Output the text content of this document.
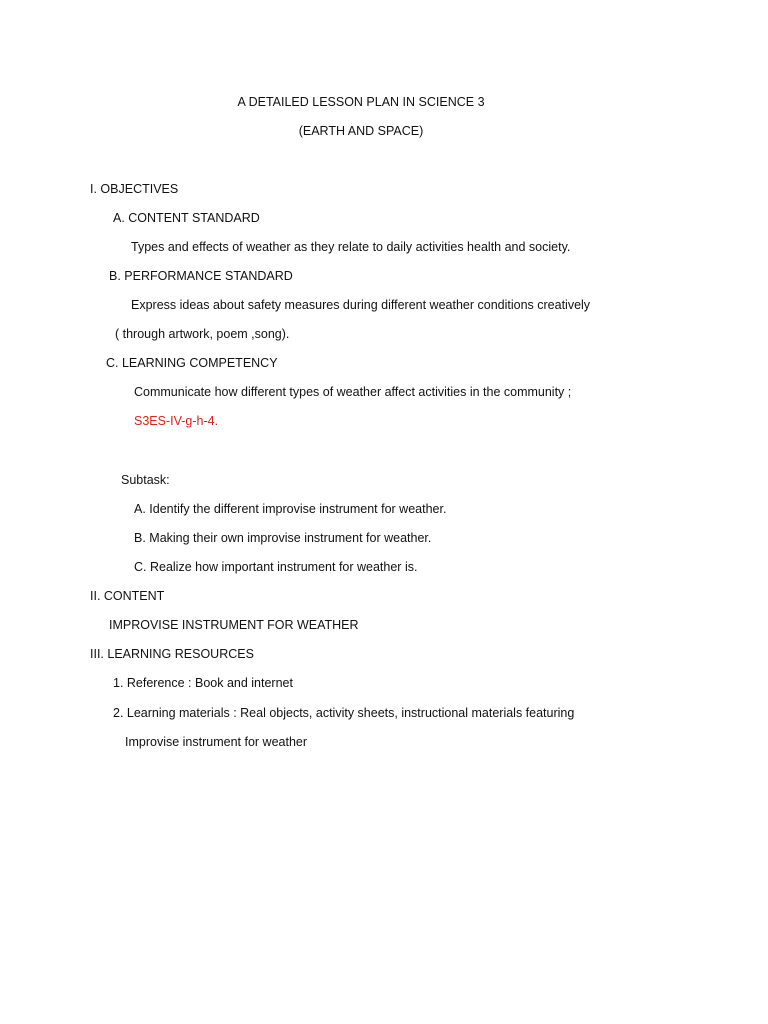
A DETAILED LESSON PLAN IN SCIENCE 3
(EARTH AND SPACE)
I. OBJECTIVES
A. CONTENT STANDARD
Types and effects of weather as they relate to daily activities health and society.
B. PERFORMANCE STANDARD
Express ideas about safety measures during different weather conditions creatively
( through artwork, poem ,song).
C. LEARNING COMPETENCY
Communicate how different types of weather affect activities in the community ;
S3ES-IV-g-h-4.
Subtask:
A. Identify the different improvise instrument for weather.
B. Making their own improvise instrument for weather.
C. Realize how important instrument for weather is.
II. CONTENT
IMPROVISE INSTRUMENT FOR WEATHER
III. LEARNING RESOURCES
1. Reference : Book and internet
2. Learning materials : Real objects, activity sheets, instructional materials featuring
Improvise instrument for weather
